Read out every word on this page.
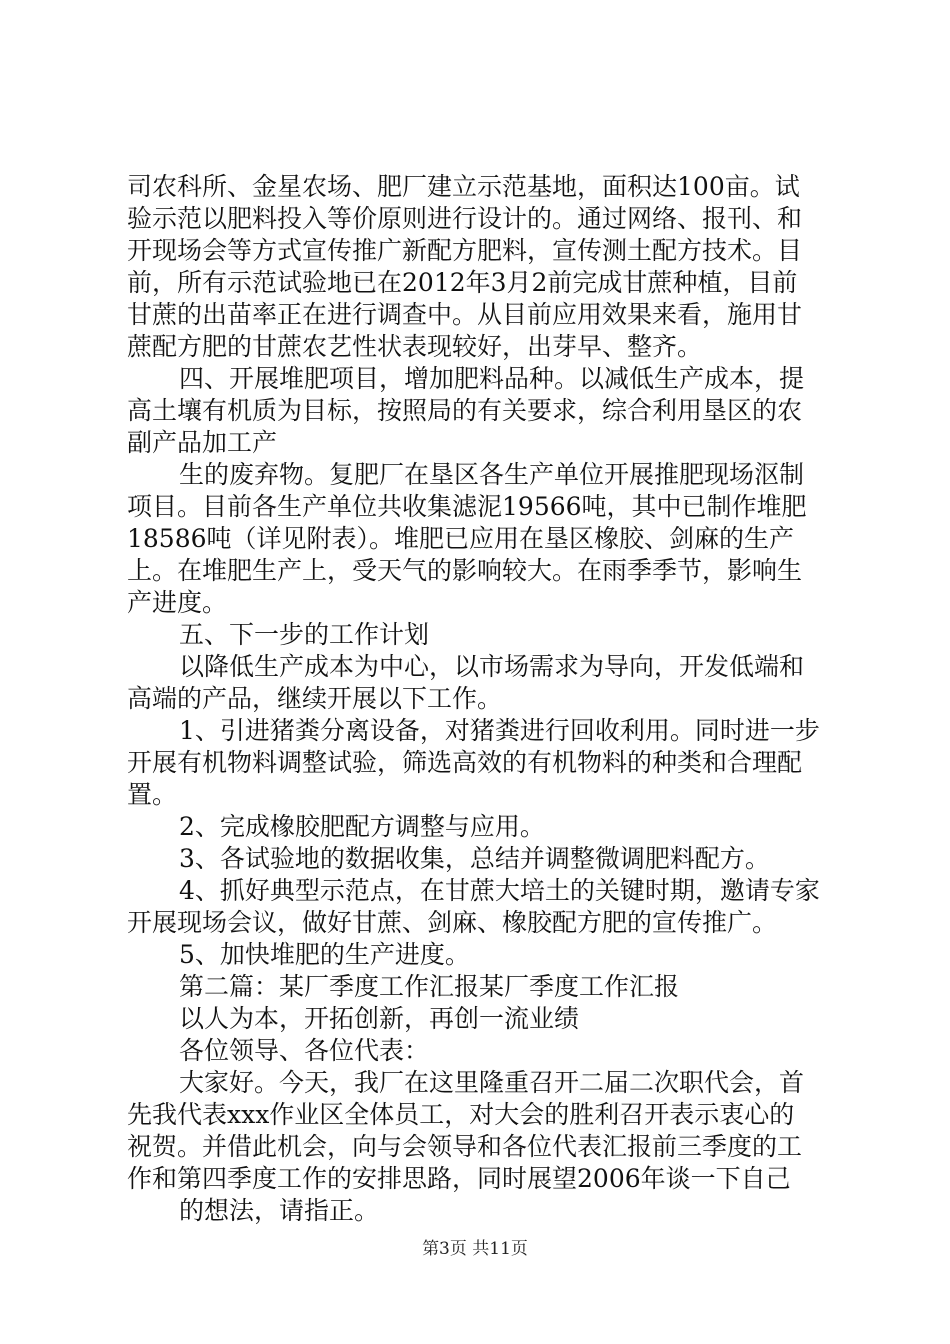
司农科所、金星农场、肥厂建立示范基地，面积达100亩。试
验示范以肥料投入等价原则进行设计的。通过网络、报刊、和
开现场会等方式宣传推广新配方肥料，宣传测土配方技术。目
前，所有示范试验地已在2012年3月2前完成甘蔗种植，目前
甘蔗的出苗率正在进行调查中。从目前应用效果来看，施用甘
蔗配方肥的甘蔗农艺性状表现较好，出芽早、整齐。
四、开展堆肥项目，增加肥料品种。以减低生产成本，提
高土壤有机质为目标，按照局的有关要求，综合利用垦区的农
副产品加工产
生的废弃物。复肥厂在垦区各生产单位开展推肥现场沤制
项目。目前各生产单位共收集滤泥19566吨，其中已制作堆肥
18586吨（详见附表）。堆肥已应用在垦区橡胶、剑麻的生产
上。在堆肥生产上，受天气的影响较大。在雨季季节，影响生
产进度。
五、下一步的工作计划
以降低生产成本为中心，以市场需求为导向，开发低端和
高端的产品，继续开展以下工作。
1、引进猪粪分离设备，对猪粪进行回收利用。同时进一步
开展有机物料调整试验，筛选高效的有机物料的种类和合理配
置。
2、完成橡胶肥配方调整与应用。
3、各试验地的数据收集，总结并调整微调肥料配方。
4、抓好典型示范点，在甘蔗大培土的关键时期，邀请专家
开展现场会议，做好甘蔗、剑麻、橡胶配方肥的宣传推广。
5、加快堆肥的生产进度。
第二篇：某厂季度工作汇报某厂季度工作汇报
以人为本，开拓创新，再创一流业绩
各位领导、各位代表：
大家好。今天，我厂在这里隆重召开二届二次职代会，首
先我代表xxx作业区全体员工，对大会的胜利召开表示衷心的
祝贺。并借此机会，向与会领导和各位代表汇报前三季度的工
作和第四季度工作的安排思路，同时展望2006年谈一下自己
的想法，请指正。
第3页 共11页
